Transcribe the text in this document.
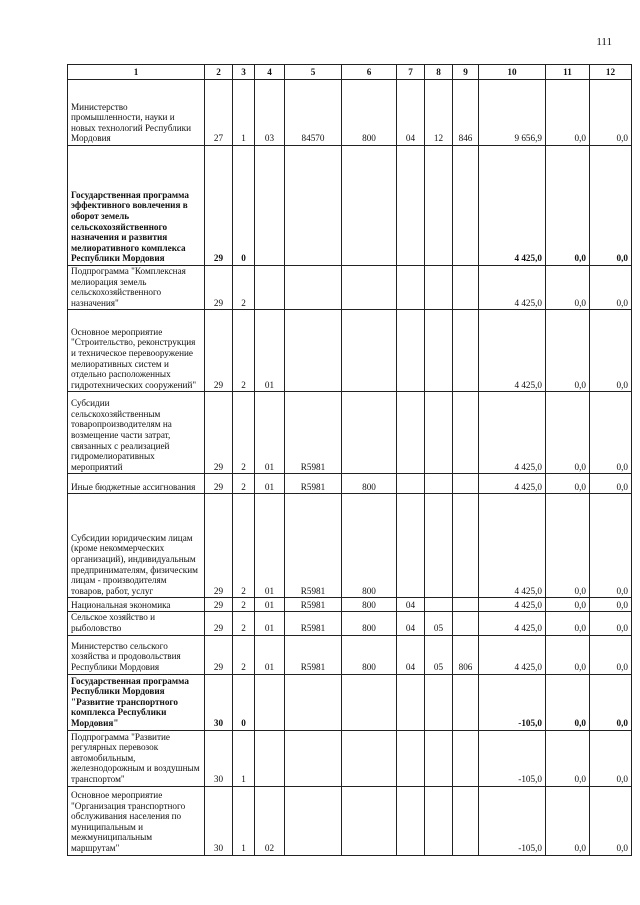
111
1	2	3	4	5	6	7	8	9	10	11	12
Министерство промышленности, науки и новых технологий Республики Мордовия	27	1	03	84570	800	04	12	846	9 656,9	0,0	0,0
Государственная программа эффективного вовлечения в оборот земель сельскохозяйственного назначения и развития мелиоративного комплекса Республики Мордовия	29	0							4 425,0	0,0	0,0
Подпрограмма "Комплексная мелиорация земель сельскохозяйственного назначения"	29	2							4 425,0	0,0	0,0
Основное мероприятие "Строительство, реконструкция и техническое перевооружение мелиоративных систем и отдельно расположенных гидротехнических сооружений"	29	2	01						4 425,0	0,0	0,0
Субсидии сельскохозяйственным товаропроизводителям на возмещение части затрат, связанных с реализацией гидромелиоративных мероприятий	29	2	01	R5981					4 425,0	0,0	0,0
Иные бюджетные ассигнования	29	2	01	R5981	800				4 425,0	0,0	0,0
Субсидии юридическим лицам (кроме некоммерческих организаций), индивидуальным предпринимателям, физическим лицам - производителям товаров, работ, услуг	29	2	01	R5981	800				4 425,0	0,0	0,0
Национальная экономика	29	2	01	R5981	800	04			4 425,0	0,0	0,0
Сельское хозяйство и рыболовство	29	2	01	R5981	800	04	05		4 425,0	0,0	0,0
Министерство сельского хозяйства и продовольствия Республики Мордовия	29	2	01	R5981	800	04	05	806	4 425,0	0,0	0,0
Государственная программа Республики Мордовия "Развитие транспортного комплекса Республики Мордовия"	30	0							-105,0	0,0	0,0
Подпрограмма "Развитие регулярных перевозок автомобильным, железнодорожным и воздушным транспортом"	30	1							-105,0	0,0	0,0
Основное мероприятие "Организация транспортного обслуживания населения по муниципальным и межмуниципальным маршрутам"	30	1	02						-105,0	0,0	0,0
